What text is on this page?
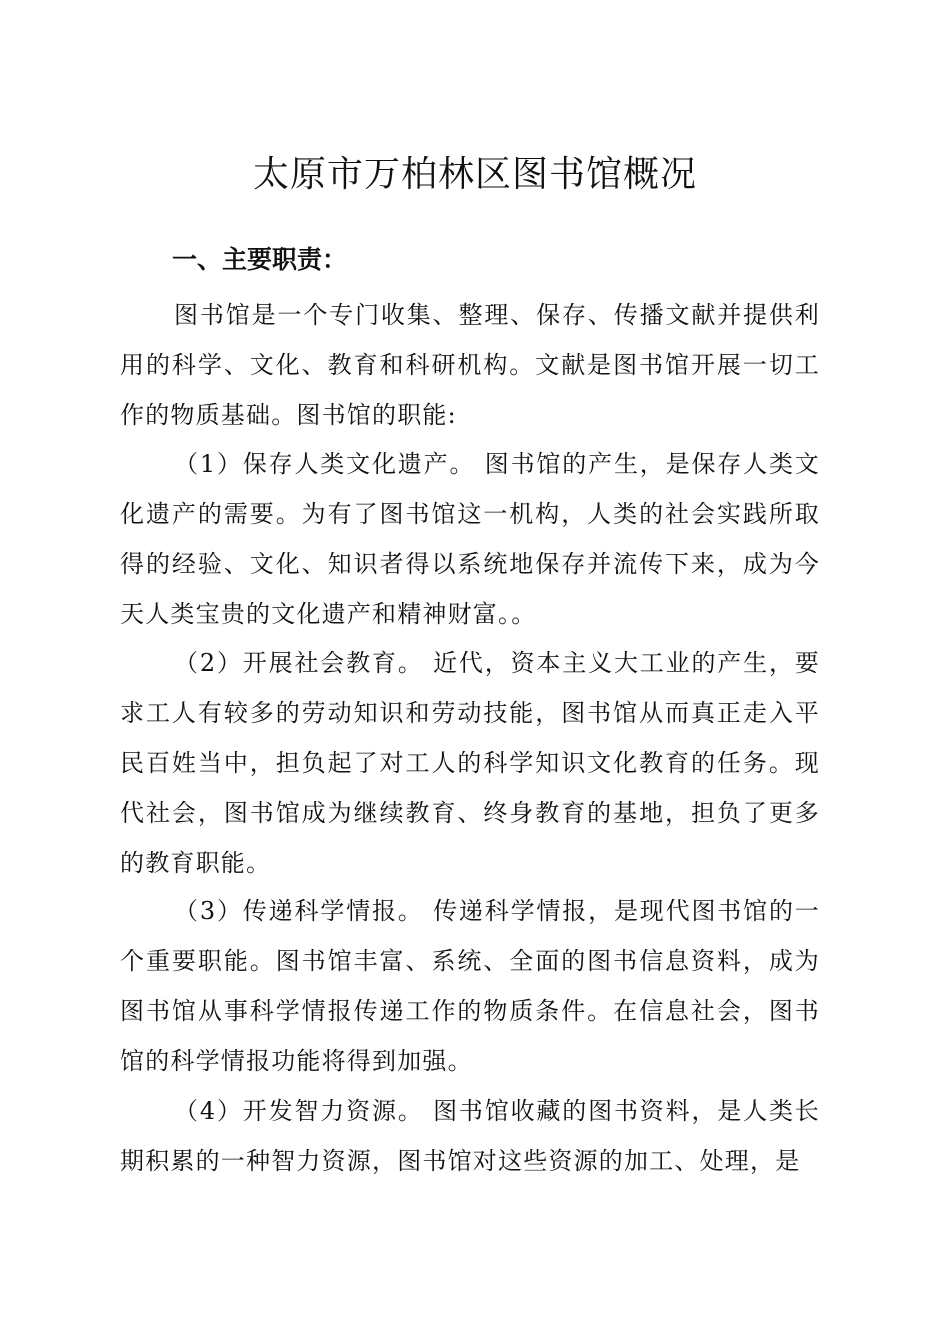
太原市万柏林区图书馆概况
一、主要职责：

图书馆是一个专门收集、整理、保存、传播文献并提供利用的科学、文化、教育和科研机构。文献是图书馆开展一切工作的物质基础。图书馆的职能:

（1）保存人类文化遗产。 图书馆的产生，是保存人类文化遗产的需要。为有了图书馆这一机构，人类的社会实践所取得的经验、文化、知识者得以系统地保存并流传下来，成为今天人类宝贵的文化遗产和精神财富。。

（2）开展社会教育。 近代，资本主义大工业的产生，要求工人有较多的劳动知识和劳动技能，图书馆从而真正走入平民百姓当中，担负起了对工人的科学知识文化教育的任务。现代社会，图书馆成为继续教育、终身教育的基地，担负了更多的教育职能。

（3）传递科学情报。 传递科学情报，是现代图书馆的一个重要职能。图书馆丰富、系统、全面的图书信息资料，成为图书馆从事科学情报传递工作的物质条件。在信息社会，图书馆的科学情报功能将得到加强。

（4）开发智力资源。 图书馆收藏的图书资料，是人类长期积累的一种智力资源，图书馆对这些资源的加工、处理，是
